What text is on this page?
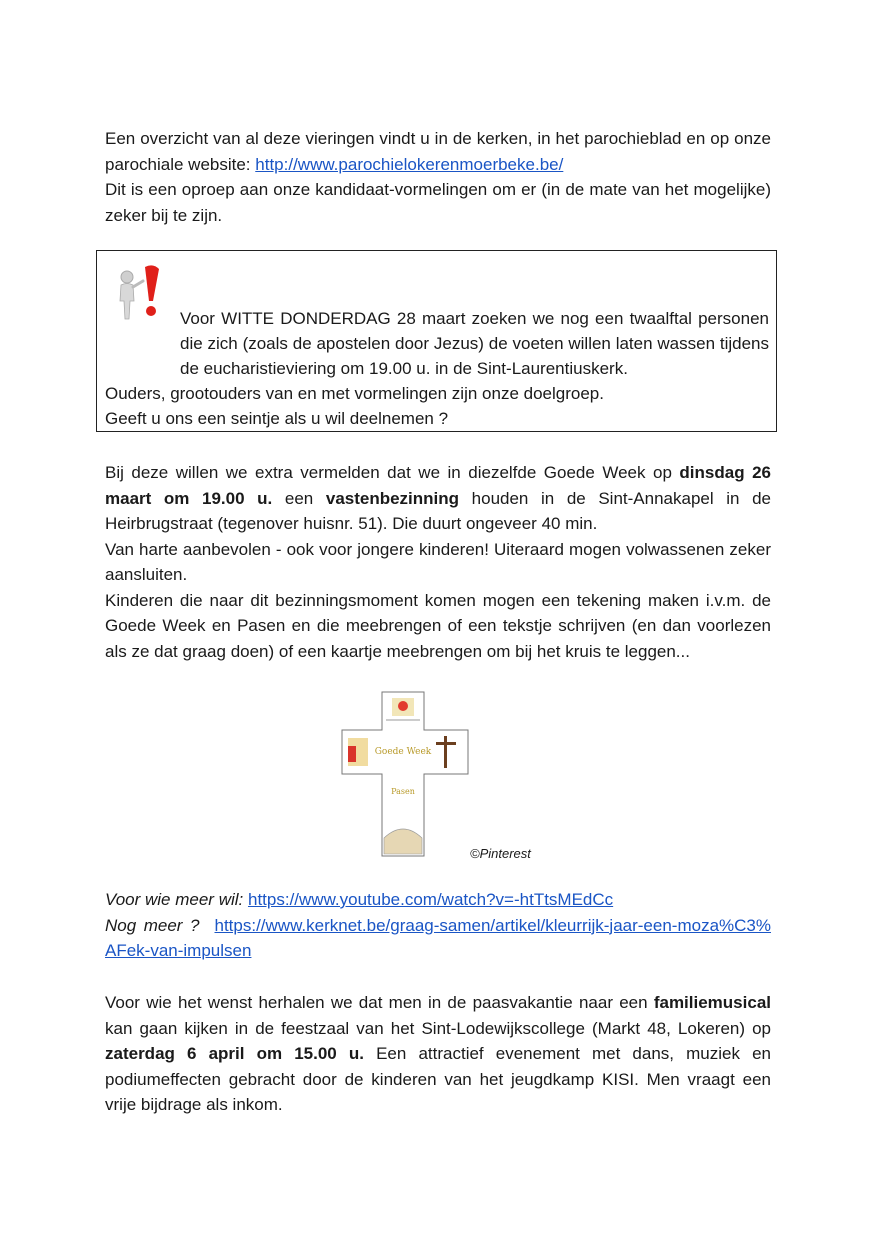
Een overzicht van al deze vieringen vindt u in de kerken, in het parochieblad en op onze parochiale website: http://www.parochielokerenmoerbeke.be/

Dit is een oproep aan onze kandidaat-vormelingen om er (in de mate van het mogelijke) zeker bij te zijn.

Voor WITTE DONDERDAG 28 maart zoeken we nog een twaalftal personen die zich (zoals de apostelen door Jezus) de voeten willen laten wassen tijdens de eucharistieviering om 19.00 u. in de Sint-Laurentiuskerk.

Ouders, grootouders van en met vormelingen zijn onze doelgroep.

Geeft u ons een seintje als u wil deelnemen ?

Bij deze willen we extra vermelden dat we in diezelfde Goede Week op dinsdag 26 maart om 19.00 u. een vastenbezinning houden in de Sint-Annakapel in de Heirbrugstraat (tegenover huisnr. 51). Die duurt ongeveer 40 min.

Van harte aanbevolen - ook voor jongere kinderen! Uiteraard mogen volwassenen zeker aansluiten.

Kinderen die naar dit bezinningsmoment komen mogen een tekening maken i.v.m. de Goede Week en Pasen en die meebrengen of een tekstje schrijven (en dan voorlezen als ze dat graag doen) of een kaartje meebrengen om bij het kruis te leggen...

Goede Week
Pasen
©Pinterest

Voor wie meer wil: https://www.youtube.com/watch?v=-htTtsMEdCc

Nog meer ? https://www.kerknet.be/graag-samen/artikel/kleurrijk-jaar-een-moza%C3%AFek-van-impulsen

Voor wie het wenst herhalen we dat men in de paasvakantie naar een familiemusical kan gaan kijken in de feestzaal van het Sint-Lodewijkscollege (Markt 48, Lokeren) op zaterdag 6 april om 15.00 u. Een attractief evenement met dans, muziek en podiumeffecten gebracht door de kinderen van het jeugdkamp KISI. Men vraagt een vrije bijdrage als inkom.
